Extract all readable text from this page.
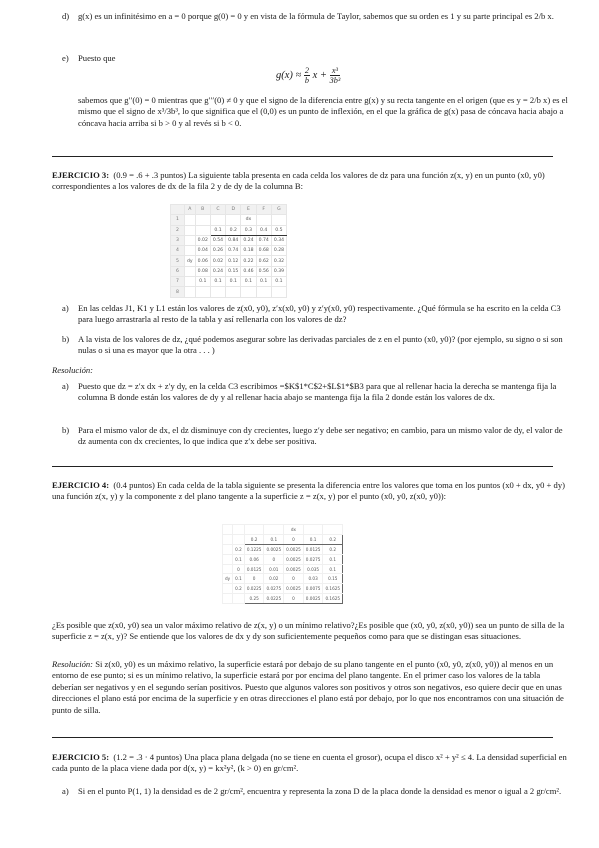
d) g(x) es un infinitésimo en a = 0 porque g(0) = 0 y en vista de la fórmula de Taylor, sabemos que su orden es 1 y su parte principal es 2/b x.

e) Puesto que

$g(x) \approx \frac{2}{b}$ $x + \frac{\text{x³}}{\text{3b³}}$

sabemos que g′′(0) = 0 mientras que g′′′(0) ≠ 0 y que el signo de la diferencia entre g(x) y su recta tangente en el origen (que es y = 2/b x) es el mismo que el signo de x³/3b³, lo que significa que el (0,0) es un punto de inflexión, en el que la gráfica de g(x) pasa de cóncava hacia abajo a cóncava hacia arriba si b > 0 y al revés si b < 0.

EJERCICIO 3: (0.9 = .6 + .3 puntos) La siguiente tabla presenta en cada celda los valores de dz para una función z(x, y) en un punto (x0, y0) correspondientes a los valores de dx de la fila 2 y de dy de la columna B:

	A	B	C	D	E	F	G
1					dx		
2			0.1	0.2	0.3	0.4	0.5
3		0.02	0.54	0.84	0.24	0.74	0.34
4		0.04	0.26	0.74	0.18	0.68	0.28
5	dy	0.06	0.02	0.12	0.22	0.62	0.32
6		0.08	0.24	0.15	0.46	0.56	0.39
7		0.1	0.1	0.1	0.1	0.1	0.1
8							
a) En las celdas J1, K1 y L1 están los valores de z(x0, y0), z′x(x0, y0) y z′y(x0, y0) respectivamente. ¿Qué fórmula se ha escrito en la celda C3 para luego arrastrarla al resto de la tabla y así rellenarla con los valores de dz?

b) A la vista de los valores de dz, ¿qué podemos asegurar sobre las derivadas parciales de z en el punto (x0, y0)? (por ejemplo, su signo o si son nulas o si una es mayor que la otra . . . )

Resolución:
a) Puesto que dz = z′x dx + z′y dy, en la celda C3 escribimos =$K$1*C$2+$L$1*$B3 para que al rellenar hacia la derecha se mantenga fija la columna B donde están los valores de dy y al rellenar hacia abajo se mantenga fija la fila 2 donde están los valores de dx.

b) Para el mismo valor de dx, el dz disminuye con dy crecientes, luego z′y debe ser negativo; en cambio, para un mismo valor de dy, el valor de dz aumenta con dx crecientes, lo que indica que z′x debe ser positiva.

EJERCICIO 4: (0.4 puntos) En cada celda de la tabla siguiente se presenta la diferencia entre los valores que toma en los puntos (x0 + dx, y0 + dy) una función z(x, y) y la componente z del plano tangente a la superficie z = z(x, y) por el punto (x0, y0, z(x0, y0)):

				dx		
		0.2	0.1	0	0.1	0.2
	0.2	0.1225	0.0025	0.0025	0.0125	0.2
	0.1	0.06	0	0.0025	0.0275	0.1
	0	0.0125	0.01	0.0025	0.035	0.1
dy	0.1	0	0.02	0	0.03	0.15
	0.2	0.0225	0.0275	0.0025	0.0075	0.1625
		0.25	0.0225	0	0.0025	0.1625
¿Es posible que z(x0, y0) sea un valor máximo relativo de z(x, y) o un mínimo relativo?¿Es posible que (x0, y0, z(x0, y0)) sea un punto de silla de la superficie z = z(x, y)? Se entiende que los valores de dx y dy son suficientemente pequeños como para que se distingan esas situaciones.

Resolución: Si z(x0, y0) es un máximo relativo, la superficie estará por debajo de su plano tangente en el punto (x0, y0, z(x0, y0)) al menos en un entorno de ese punto; si es un mínimo relativo, la superficie estará por por encima del plano tangente. En el primer caso los valores de la tabla deberían ser negativos y en el segundo serían positivos. Puesto que algunos valores son positivos y otros son negativos, eso quiere decir que en unas direcciones el plano está por encima de la superficie y en otras direcciones el plano está por debajo, por lo que nos encontramos con una situación de punto de silla.

EJERCICIO 5: (1.2 = .3 · 4 puntos) Una placa plana delgada (no se tiene en cuenta el grosor), ocupa el disco x² + y² ≤ 4. La densidad superficial en cada punto de la placa viene dada por d(x, y) = kx²y², (k > 0) en gr/cm².

a) Si en el punto P(1, 1) la densidad es de 2 gr/cm², encuentra y representa la zona D de la placa donde la densidad es menor o igual a 2 gr/cm².
